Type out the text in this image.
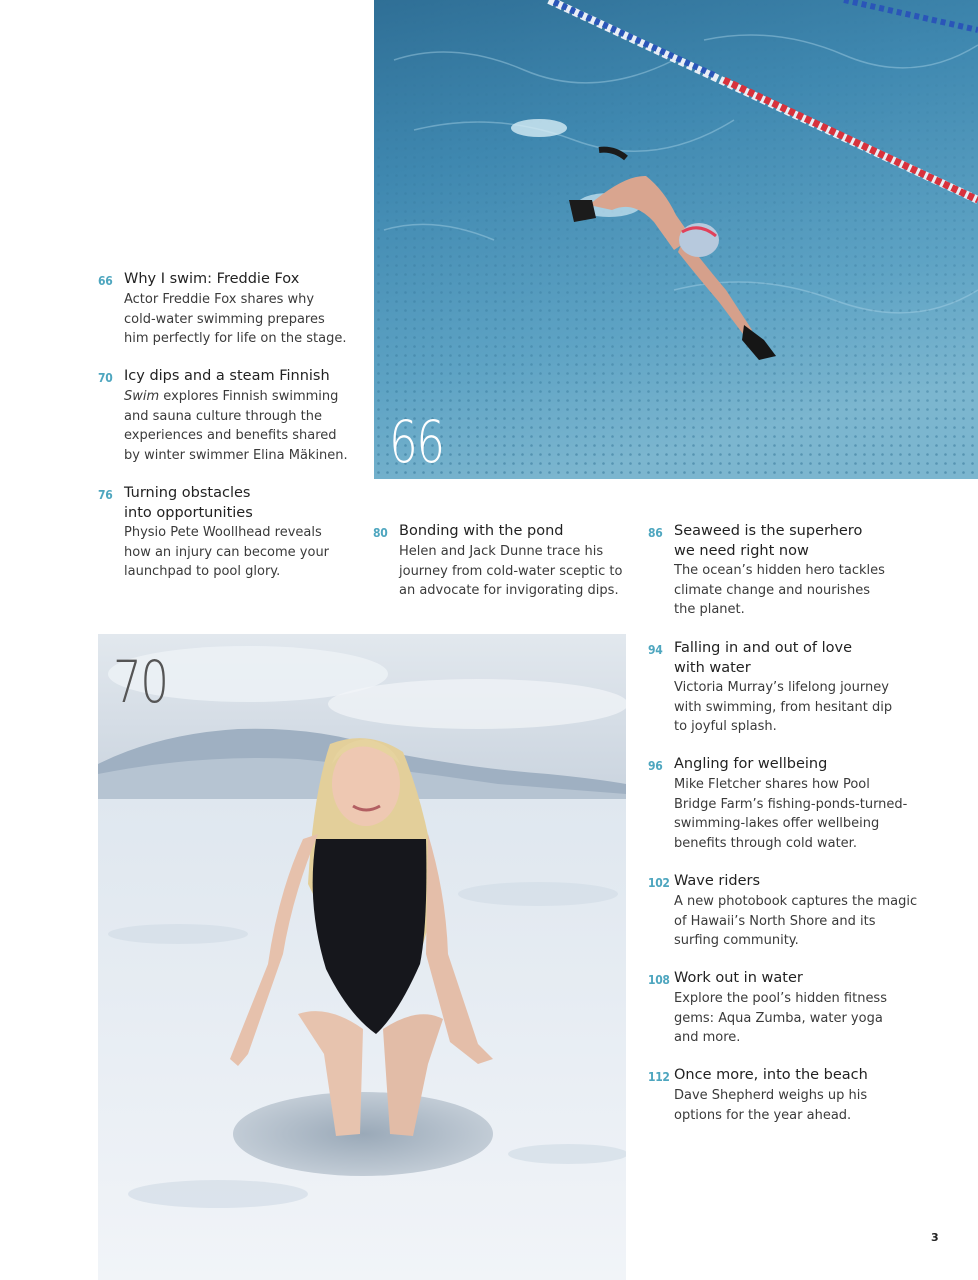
66
70
66 Why I swim: Freddie Fox

Actor Freddie Fox shares why
cold-water swimming prepares
him perfectly for life on the stage.

70 Icy dips and a steam Finnish

Swim explores Finnish swimming
and sauna culture through the
experiences and benefits shared
by winter swimmer Elina Mäkinen.

76 Turning obstacles
into opportunities

Physio Pete Woollhead reveals
how an injury can become your
launchpad to pool glory.

80 Bonding with the pond

Helen and Jack Dunne trace his
journey from cold-water sceptic to
an advocate for invigorating dips.

86 Seaweed is the superhero
we need right now

The ocean’s hidden hero tackles
climate change and nourishes
the planet.

94 Falling in and out of love
with water

Victoria Murray’s lifelong journey
with swimming, from hesitant dip
to joyful splash.

96 Angling for wellbeing

Mike Fletcher shares how Pool
Bridge Farm’s fishing-ponds-turned-
swimming-lakes offer wellbeing
benefits through cold water.

102 Wave riders

A new photobook captures the magic
of Hawaii’s North Shore and its
surfing community.

108 Work out in water

Explore the pool’s hidden fitness
gems: Aqua Zumba, water yoga
and more.

112 Once more, into the beach

Dave Shepherd weighs up his
options for the year ahead.

3
